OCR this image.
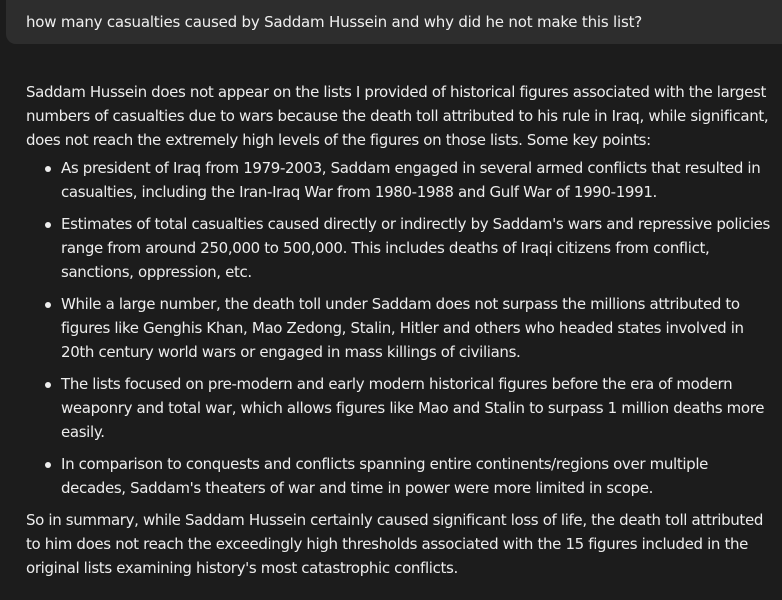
how many casualties caused by Saddam Hussein and why did he not make this list?

Saddam Hussein does not appear on the lists I provided of historical figures associated with the largest numbers of casualties due to wars because the death toll attributed to his rule in Iraq, while significant, does not reach the extremely high levels of the figures on those lists. Some key points:

As president of Iraq from 1979-2003, Saddam engaged in several armed conflicts that resulted in casualties, including the Iran-Iraq War from 1980-1988 and Gulf War of 1990-1991.
Estimates of total casualties caused directly or indirectly by Saddam's wars and repressive policies range from around 250,000 to 500,000. This includes deaths of Iraqi citizens from conflict, sanctions, oppression, etc.
While a large number, the death toll under Saddam does not surpass the millions attributed to figures like Genghis Khan, Mao Zedong, Stalin, Hitler and others who headed states involved in 20th century world wars or engaged in mass killings of civilians.
The lists focused on pre-modern and early modern historical figures before the era of modern weaponry and total war, which allows figures like Mao and Stalin to surpass 1 million deaths more easily.
In comparison to conquests and conflicts spanning entire continents/regions over multiple decades, Saddam's theaters of war and time in power were more limited in scope.

So in summary, while Saddam Hussein certainly caused significant loss of life, the death toll attributed to him does not reach the exceedingly high thresholds associated with the 15 figures included in the original lists examining history's most catastrophic conflicts.
